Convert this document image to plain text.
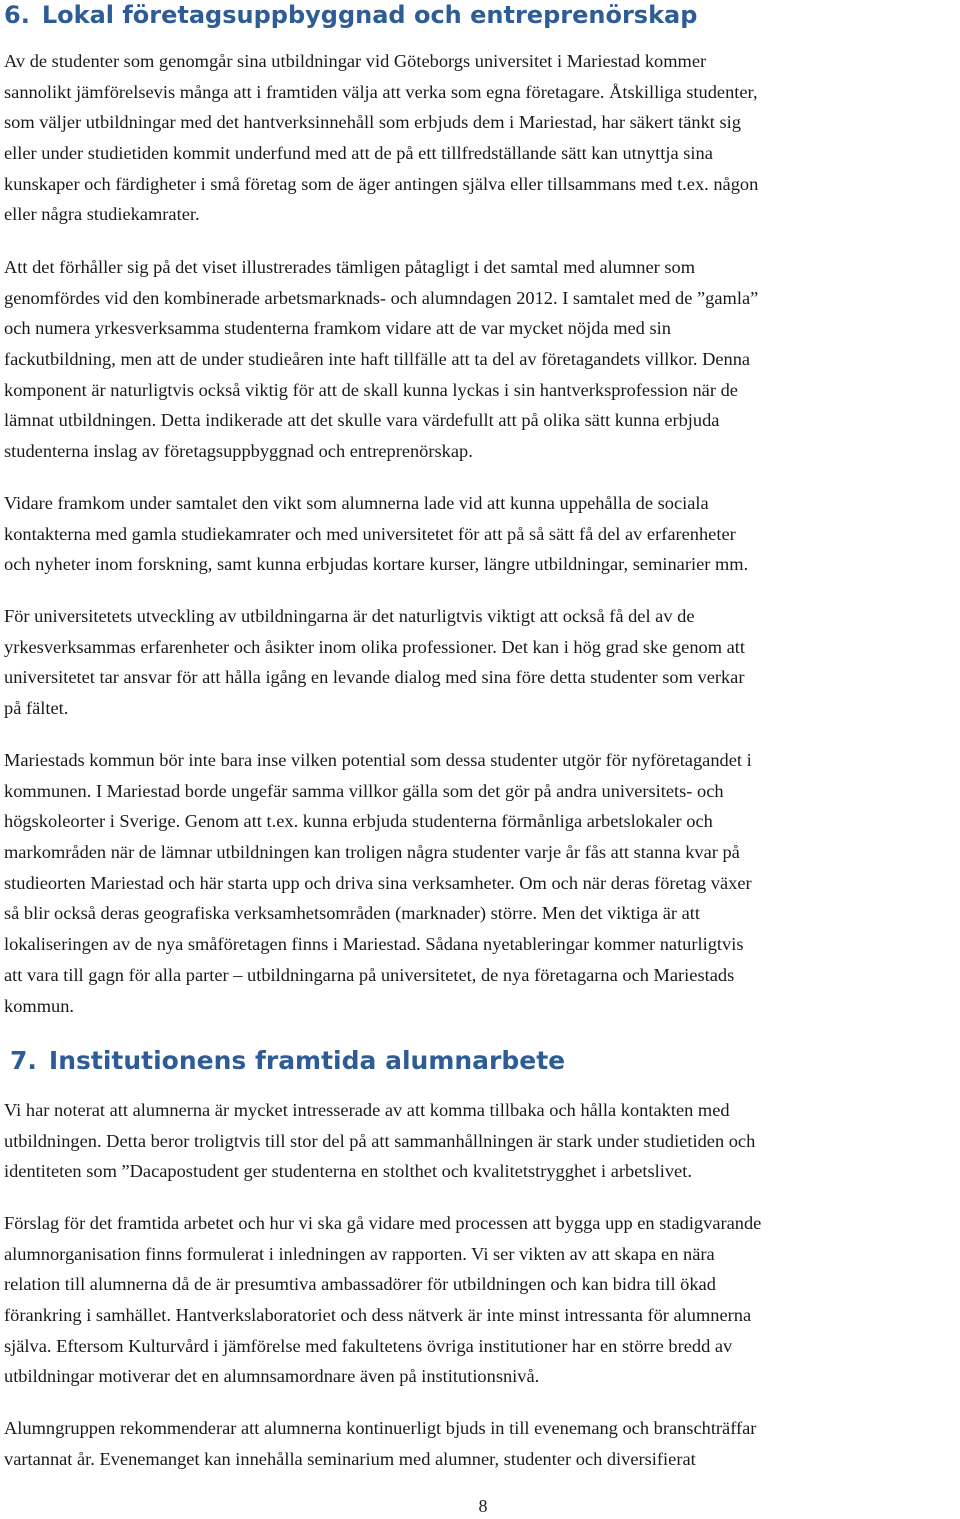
6. Lokal företagsuppbyggnad och entreprenörskap

Av de studenter som genomgår sina utbildningar vid Göteborgs universitet i Mariestad kommer
sannolikt jämförelsevis många att i framtiden välja att verka som egna företagare. Åtskilliga studenter,
som väljer utbildningar med det hantverksinnehåll som erbjuds dem i Mariestad, har säkert tänkt sig
eller under studietiden kommit underfund med att de på ett tillfredställande sätt kan utnyttja sina
kunskaper och färdigheter i små företag som de äger antingen själva eller tillsammans med t.ex. någon
eller några studiekamrater.

Att det förhåller sig på det viset illustrerades tämligen påtagligt i det samtal med alumner som
genomfördes vid den kombinerade arbetsmarknads- och alumndagen 2012. I samtalet med de ”gamla”
och numera yrkesverksamma studenterna framkom vidare att de var mycket nöjda med sin
fackutbildning, men att de under studieåren inte haft tillfälle att ta del av företagandets villkor. Denna
komponent är naturligtvis också viktig för att de skall kunna lyckas i sin hantverksprofession när de
lämnat utbildningen. Detta indikerade att det skulle vara värdefullt att på olika sätt kunna erbjuda
studenterna inslag av företagsuppbyggnad och entreprenörskap.

Vidare framkom under samtalet den vikt som alumnerna lade vid att kunna uppehålla de sociala
kontakterna med gamla studiekamrater och med universitetet för att på så sätt få del av erfarenheter
och nyheter inom forskning, samt kunna erbjudas kortare kurser, längre utbildningar, seminarier mm.

För universitetets utveckling av utbildningarna är det naturligtvis viktigt att också få del av de
yrkesverksammas erfarenheter och åsikter inom olika professioner. Det kan i hög grad ske genom att
universitetet tar ansvar för att hålla igång en levande dialog med sina före detta studenter som verkar
på fältet.

Mariestads kommun bör inte bara inse vilken potential som dessa studenter utgör för nyföretagandet i
kommunen. I Mariestad borde ungefär samma villkor gälla som det gör på andra universitets- och
högskoleorter i Sverige. Genom att t.ex. kunna erbjuda studenterna förmånliga arbetslokaler och
markområden när de lämnar utbildningen kan troligen några studenter varje år fås att stanna kvar på
studieorten Mariestad och här starta upp och driva sina verksamheter. Om och när deras företag växer
så blir också deras geografiska verksamhetsområden (marknader) större. Men det viktiga är att
lokaliseringen av de nya småföretagen finns i Mariestad. Sådana nyetableringar kommer naturligtvis
att vara till gagn för alla parter – utbildningarna på universitetet, de nya företagarna och Mariestads
kommun.

7. Institutionens framtida alumnarbete

Vi har noterat att alumnerna är mycket intresserade av att komma tillbaka och hålla kontakten med
utbildningen. Detta beror troligtvis till stor del på att sammanhållningen är stark under studietiden och
identiteten som ”Dacapostudent ger studenterna en stolthet och kvalitetstrygghet i arbetslivet.

Förslag för det framtida arbetet och hur vi ska gå vidare med processen att bygga upp en stadigvarande
alumnorganisation finns formulerat i inledningen av rapporten. Vi ser vikten av att skapa en nära
relation till alumnerna då de är presumtiva ambassadörer för utbildningen och kan bidra till ökad
förankring i samhället. Hantverkslaboratoriet och dess nätverk är inte minst intressanta för alumnerna
själva. Eftersom Kulturvård i jämförelse med fakultetens övriga institutioner har en större bredd av
utbildningar motiverar det en alumnsamordnare även på institutionsnivå.

Alumngruppen rekommenderar att alumnerna kontinuerligt bjuds in till evenemang och branschträffar
vartannat år. Evenemanget kan innehålla seminarium med alumner, studenter och diversifierat

8
